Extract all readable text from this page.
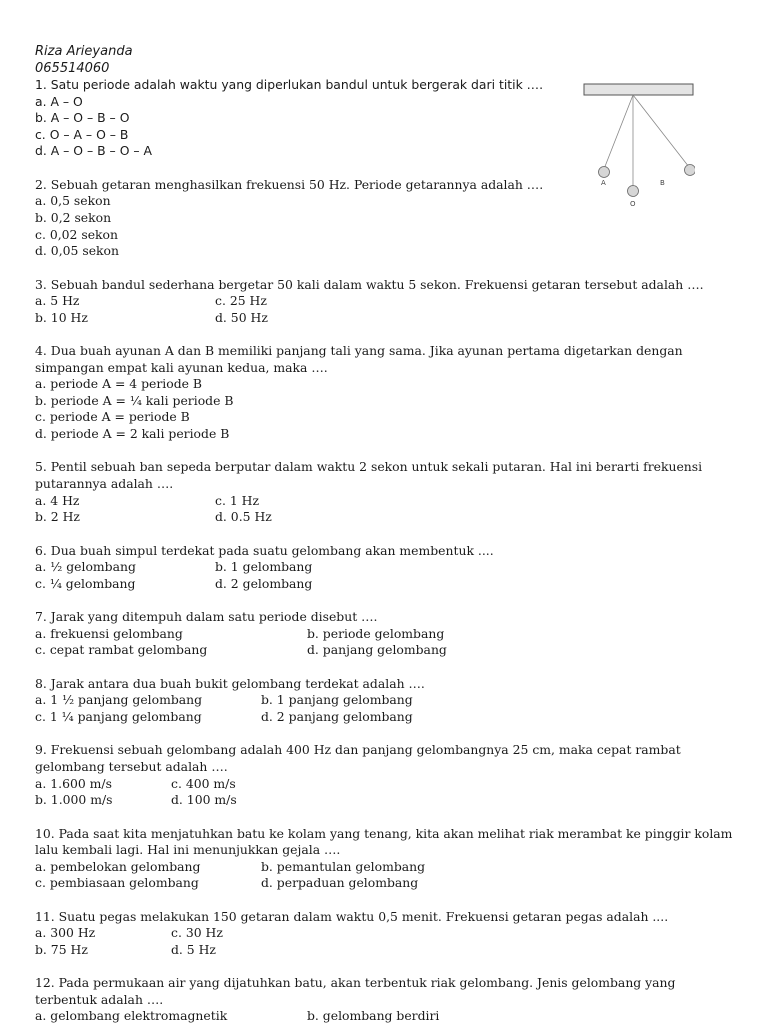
Riza Arieyanda
065514060
1. Satu periode adalah waktu yang diperlukan bandul untuk bergerak dari titik ….
a. A – O
b. A – O – B – O
c. O – A – O – B
d. A – O – B – O – A
2. Sebuah getaran menghasilkan frekuensi 50 Hz. Periode getarannya adalah ….
a. 0,5 sekon
b. 0,2 sekon
c. 0,02 sekon
d. 0,05 sekon
3. Sebuah bandul sederhana bergetar 50 kali dalam waktu 5 sekon. Frekuensi getaran tersebut adalah ….
a. 5 Hz	c. 25 Hz
b. 10 Hz	d. 50 Hz
4. Dua buah ayunan A dan B memiliki panjang tali yang sama. Jika ayunan pertama digetarkan dengan simpangan empat kali ayunan kedua, maka ….
a. periode A = 4 periode B
b. periode A = ¼ kali periode B
c. periode A = periode B
d. periode A = 2 kali periode B
5. Pentil sebuah ban sepeda berputar dalam waktu 2 sekon untuk sekali putaran. Hal ini berarti frekuensi putarannya adalah ….
a. 4 Hz	c. 1 Hz
b. 2 Hz	d. 0.5 Hz
6. Dua buah simpul terdekat pada suatu gelombang akan membentuk ....
a. ½ gelombang	b. 1 gelombang
c. ¼ gelombang	d. 2 gelombang
7. Jarak yang ditempuh dalam satu periode disebut ….
a. frekuensi gelombang	b. periode gelombang
c. cepat rambat gelombang	d. panjang gelombang
8. Jarak antara dua buah bukit gelombang terdekat adalah ….
a. 1 ½ panjang gelombang	b. 1 panjang gelombang
c. 1 ¼ panjang gelombang	d. 2 panjang gelombang
9. Frekuensi sebuah gelombang adalah 400 Hz dan panjang gelombangnya 25 cm, maka cepat rambat gelombang tersebut adalah ….
a. 1.600 m/s	c. 400 m/s
b. 1.000 m/s	d. 100 m/s
10. Pada saat kita menjatuhkan batu ke kolam yang tenang, kita akan melihat riak merambat ke pinggir kolam lalu kembali lagi. Hal ini menunjukkan gejala ….
a. pembelokan gelombang	b. pemantulan gelombang
c. pembiasaan gelombang	d. perpaduan gelombang
11. Suatu pegas melakukan 150 getaran dalam waktu 0,5 menit. Frekuensi getaran pegas adalah ....
a. 300 Hz	c. 30 Hz
b. 75 Hz	d. 5 Hz
12. Pada permukaan air yang dijatuhkan batu, akan terbentuk riak gelombang. Jenis gelombang yang terbentuk adalah ….
a. gelombang elektromagnetik	b. gelombang berdiri
A
O
B
